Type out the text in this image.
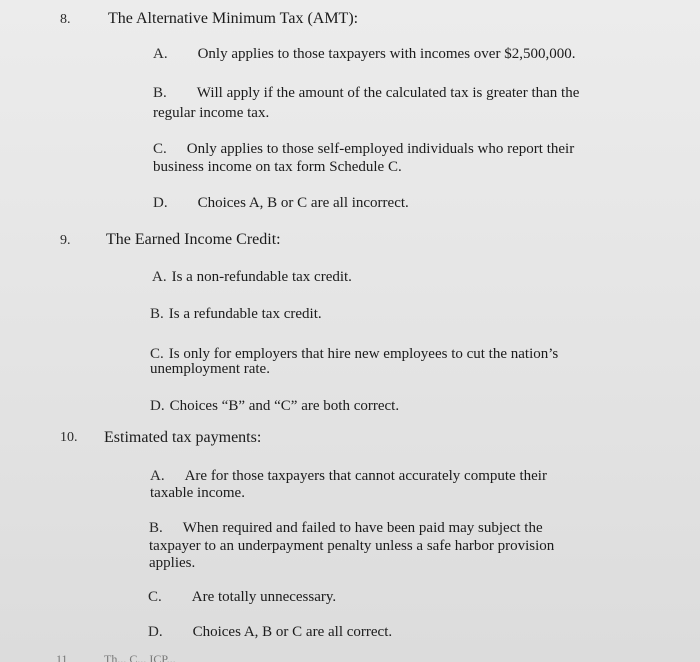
8. The Alternative Minimum Tax (AMT):
A. Only applies to those taxpayers with incomes over $2,500,000.
B. Will apply if the amount of the calculated tax is greater than the
regular income tax.
C. Only applies to those self-employed individuals who report their
business income on tax form Schedule C.
D. Choices A, B or C are all incorrect.
9. The Earned Income Credit:
A. Is a non-refundable tax credit.
B. Is a refundable tax credit.
C. Is only for employers that hire new employees to cut the nation’s
unemployment rate.
D. Choices “B” and “C” are both correct.
10. Estimated tax payments:
A. Are for those taxpayers that cannot accurately compute their
taxable income.
B. When required and failed to have been paid may subject the
taxpayer to an underpayment penalty unless a safe harbor provision
applies.
C. Are totally unnecessary.
D. Choices A, B or C are all correct.
11	Th... C... ICP...
